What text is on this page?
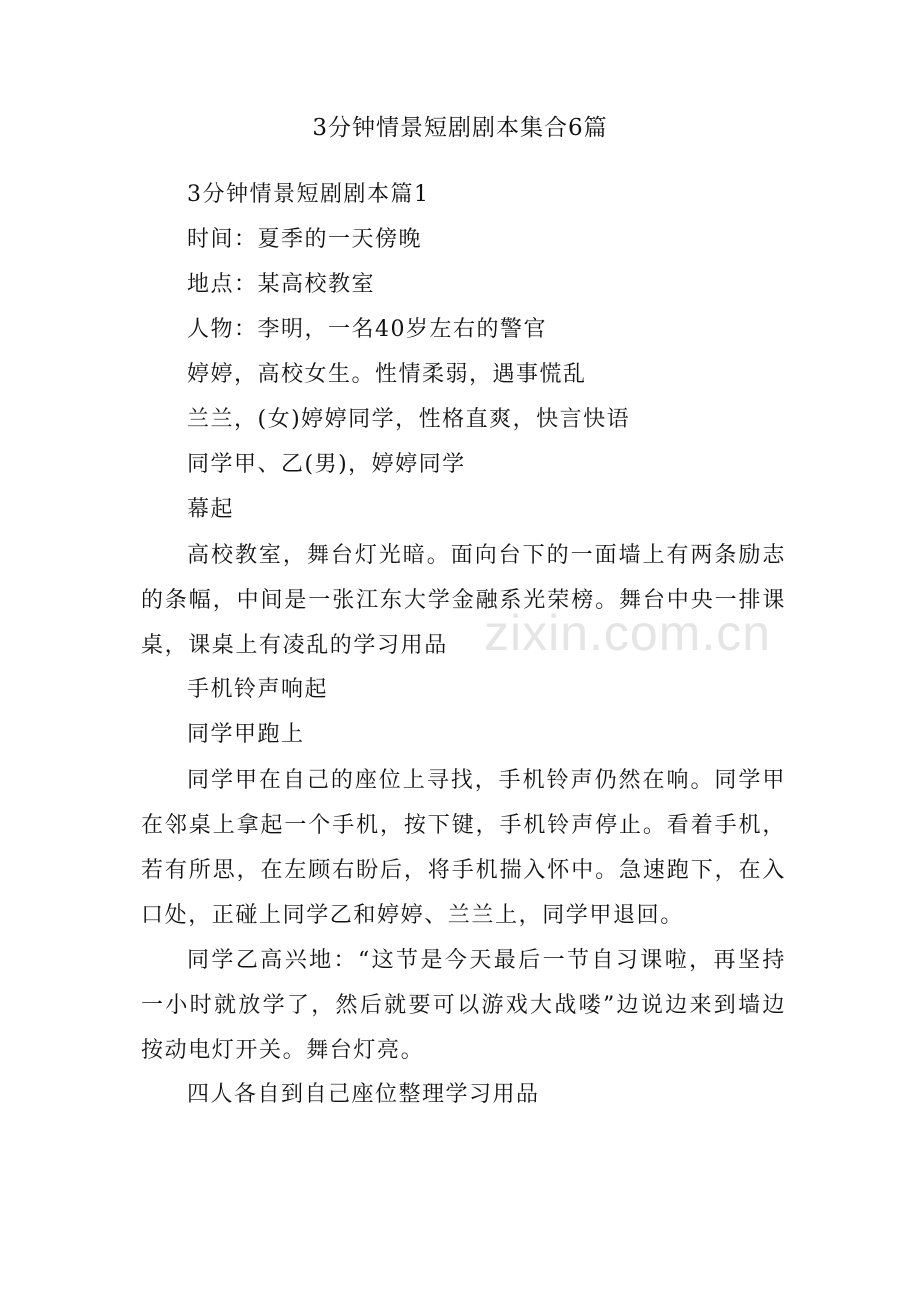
3分钟情景短剧剧本集合6篇

3分钟情景短剧剧本篇1

时间：夏季的一天傍晚

地点：某高校教室

人物：李明，一名40岁左右的警官

婷婷，高校女生。性情柔弱，遇事慌乱

兰兰，(女)婷婷同学，性格直爽，快言快语

同学甲、乙(男)，婷婷同学

幕起

高校教室，舞台灯光暗。面向台下的一面墙上有两条励志的条幅，中间是一张江东大学金融系光荣榜。舞台中央一排课桌，课桌上有凌乱的学习用品

手机铃声响起

同学甲跑上

同学甲在自己的座位上寻找，手机铃声仍然在响。同学甲在邻桌上拿起一个手机，按下键，手机铃声停止。看着手机，若有所思，在左顾右盼后，将手机揣入怀中。急速跑下，在入口处，正碰上同学乙和婷婷、兰兰上，同学甲退回。

同学乙高兴地：“这节是今天最后一节自习课啦，再坚持一小时就放学了，然后就要可以游戏大战喽”边说边来到墙边按动电灯开关。舞台灯亮。

四人各自到自己座位整理学习用品

zixin.com.cn
